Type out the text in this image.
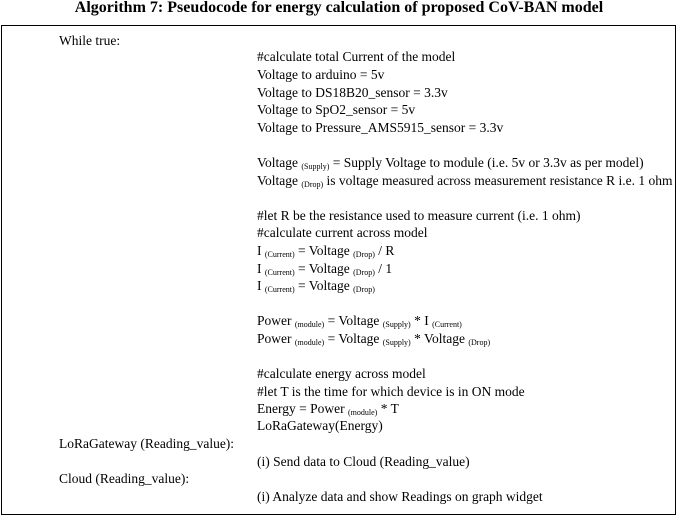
Algorithm 7: Pseudocode for energy calculation of proposed CoV-BAN model
While true:
#calculate total Current of the model
Voltage to arduino = 5v
Voltage to DS18B20_sensor = 3.3v
Voltage to SpO2_sensor = 5v
Voltage to Pressure_AMS5915_sensor = 3.3v
Voltage $_{(Supply)}$ = Supply Voltage to module (i.e. 5v or 3.3v as per model)
Voltage $_{(Drop)}$ is voltage measured across measurement resistance R i.e. 1 ohm
#let R be the resistance used to measure current (i.e. 1 ohm)
#calculate current across model
I $_{(Current)}$ = Voltage $_{(Drop)}$ / R
I $_{(Current)}$ = Voltage $_{(Drop)}$ / 1
I $_{(Current)}$ = Voltage $_{(Drop)}$
Power $_{(module)}$ = Voltage $_{(Supply)}$ * I $_{(Current)}$
Power $_{(module)}$ = Voltage $_{(Supply)}$ * Voltage $_{(Drop)}$
#calculate energy across model
#let T is the time for which device is in ON mode
Energy = Power $_{(module)}$ * T
LoRaGateway(Energy)
LoRaGateway (Reading_value):
(i) Send data to Cloud (Reading_value)
Cloud (Reading_value):
(i) Analyze data and show Readings on graph widget
